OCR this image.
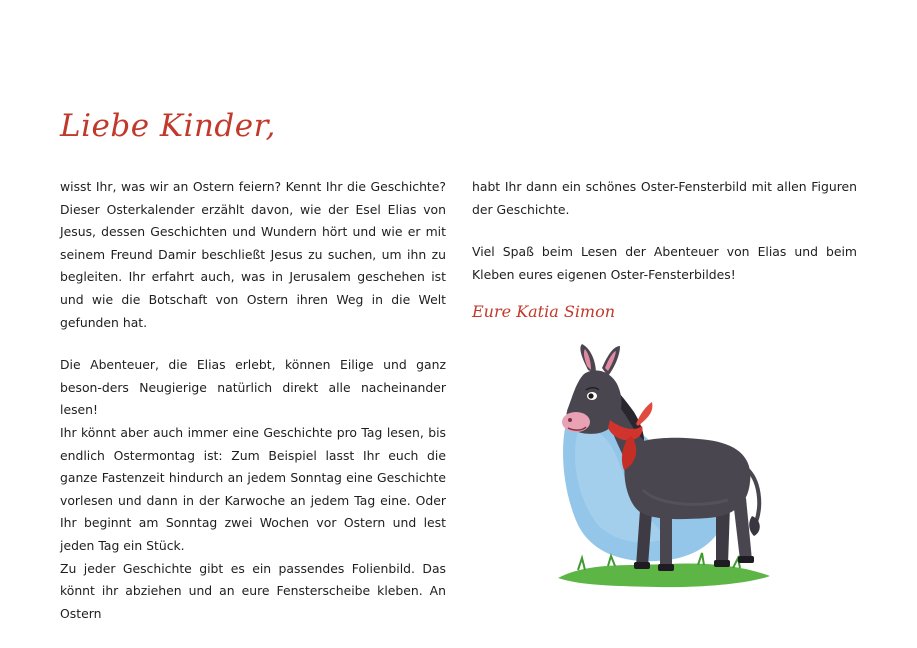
Liebe Kinder,

wisst Ihr, was wir an Ostern feiern? Kennt Ihr die Geschichte? Dieser Osterkalender erzählt davon, wie der Esel Elias von Jesus, dessen Geschichten und Wundern hört und wie er mit seinem Freund Damir beschließt Jesus zu suchen, um ihn zu begleiten. Ihr erfahrt auch, was in Jerusalem geschehen ist und wie die Botschaft von Ostern ihren Weg in die Welt gefunden hat.

Die Abenteuer, die Elias erlebt, können Eilige und ganz beson-ders Neugierige natürlich direkt alle nacheinander lesen!

Ihr könnt aber auch immer eine Geschichte pro Tag lesen, bis endlich Ostermontag ist: Zum Beispiel lasst Ihr euch die ganze Fastenzeit hindurch an jedem Sonntag eine Geschichte vorlesen und dann in der Karwoche an jedem Tag eine. Oder Ihr beginnt am Sonntag zwei Wochen vor Ostern und lest jeden Tag ein Stück.

Zu jeder Geschichte gibt es ein passendes Folienbild. Das könnt ihr abziehen und an eure Fensterscheibe kleben. An Ostern

habt Ihr dann ein schönes Oster-Fensterbild mit allen Figuren der Geschichte.

Viel Spaß beim Lesen der Abenteuer von Elias und beim Kleben eures eigenen Oster-Fensterbildes!

Eure Katia Simon
